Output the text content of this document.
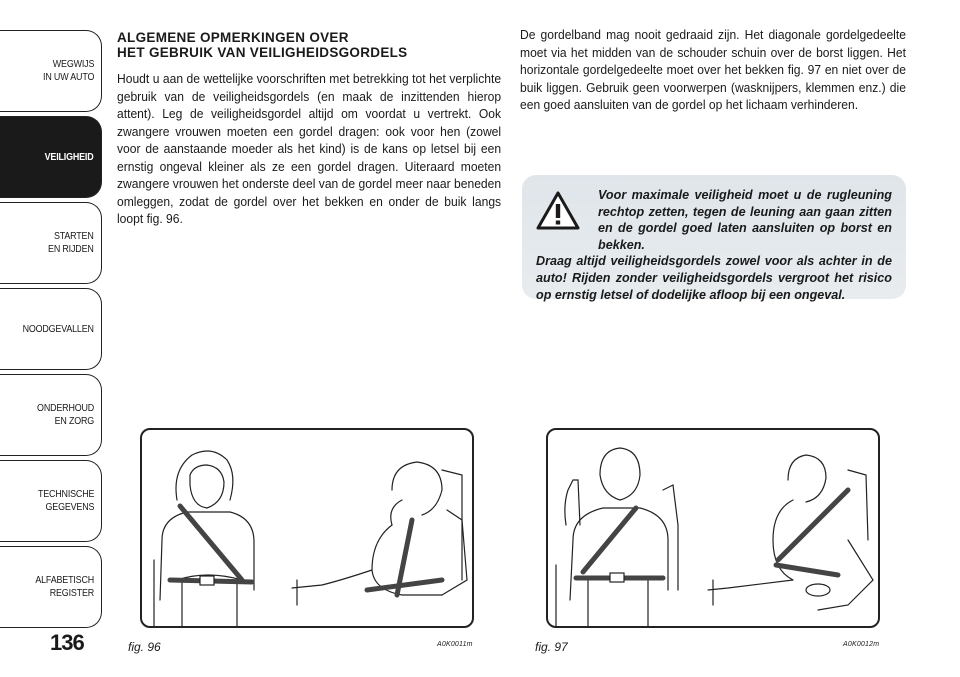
WEGWIJS
IN UW AUTO
VEILIGHEID
STARTEN
EN RIJDEN
NOODGEVALLEN
ONDERHOUD
EN ZORG
TECHNISCHE
GEGEVENS
ALFABETISCH
REGISTER
136
ALGEMENE OPMERKINGEN OVER
HET GEBRUIK VAN VEILIGHEIDSGORDELS
Houdt u aan de wettelijke voorschriften met betrekking tot het verplichte gebruik van de veiligheidsgordels (en maak de inzittenden hierop attent). Leg de veiligheidsgordel altijd om voordat u vertrekt. Ook zwangere vrouwen moeten een gordel dragen: ook voor hen (zowel voor de aanstaande moeder als het kind) is de kans op letsel bij een ernstig ongeval kleiner als ze een gordel dragen. Uiteraard moeten zwangere vrouwen het onderste deel van de gordel meer naar beneden omleggen, zodat de gordel over het bekken en onder de buik langs loopt fig. 96.
De gordelband mag nooit gedraaid zijn. Het diagonale gordelgedeelte moet via het midden van de schouder schuin over de borst liggen. Het horizontale gordelgedeelte moet over het bekken fig. 97 en niet over de buik liggen. Gebruik geen voorwerpen (wasknijpers, klemmen enz.) die een goed aansluiten van de gordel op het lichaam verhinderen.
Voor maximale veiligheid moet u de rugleuning rechtop zetten, tegen de leuning aan gaan zitten en de gordel goed laten aansluiten op borst en bekken.
Draag altijd veiligheidsgordels zowel voor als achter in de auto! Rijden zonder veiligheidsgordels vergroot het risico op ernstig letsel of dodelijke afloop bij een ongeval.
fig. 96	A0K0011m	fig. 97	A0K0012m
